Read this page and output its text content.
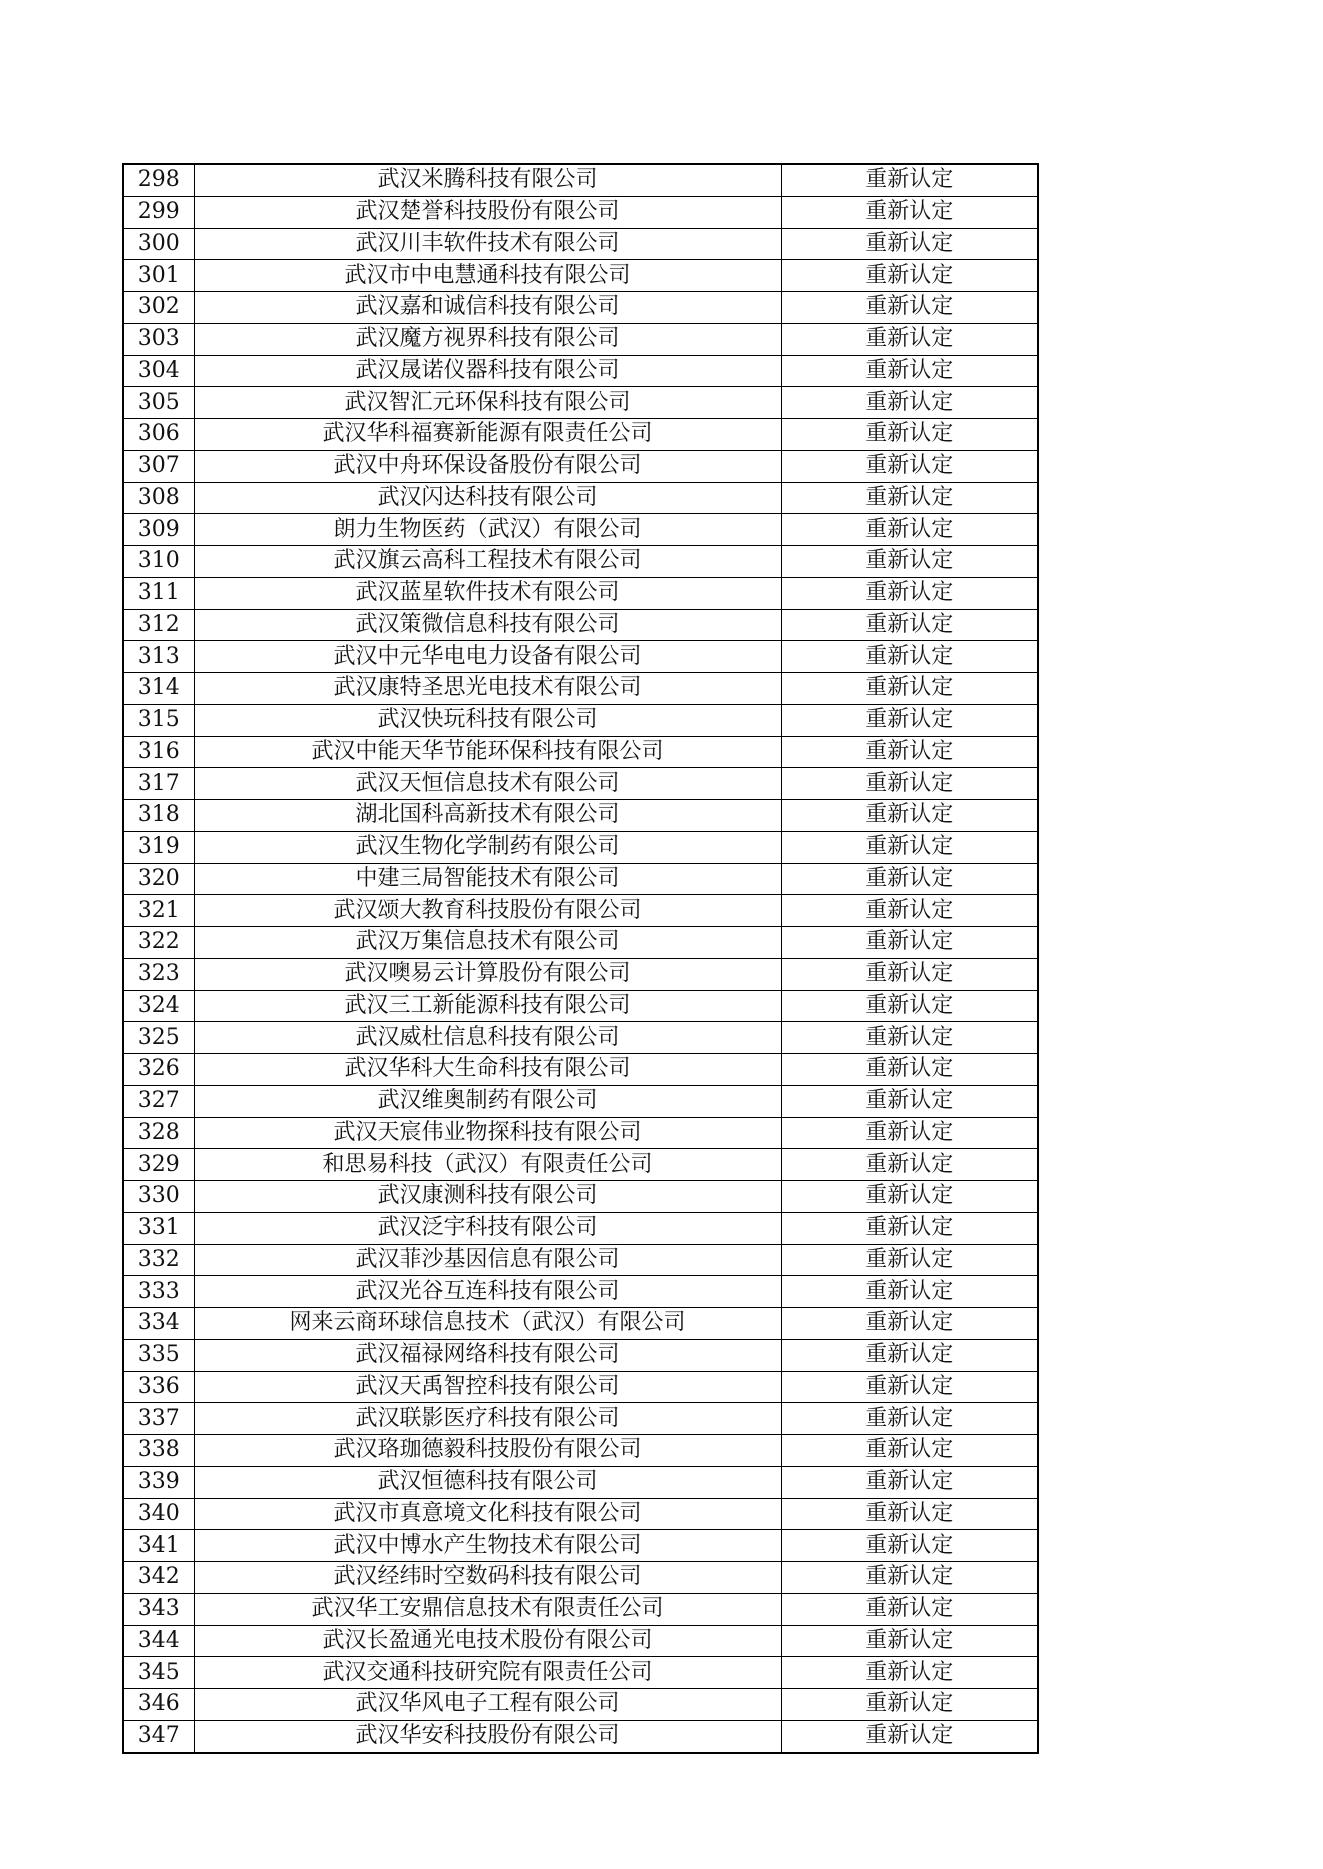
298	武汉米腾科技有限公司	重新认定
299	武汉楚誉科技股份有限公司	重新认定
300	武汉川丰软件技术有限公司	重新认定
301	武汉市中电慧通科技有限公司	重新认定
302	武汉嘉和诚信科技有限公司	重新认定
303	武汉魔方视界科技有限公司	重新认定
304	武汉晟诺仪器科技有限公司	重新认定
305	武汉智汇元环保科技有限公司	重新认定
306	武汉华科福赛新能源有限责任公司	重新认定
307	武汉中舟环保设备股份有限公司	重新认定
308	武汉闪达科技有限公司	重新认定
309	朗力生物医药（武汉）有限公司	重新认定
310	武汉旗云高科工程技术有限公司	重新认定
311	武汉蓝星软件技术有限公司	重新认定
312	武汉策微信息科技有限公司	重新认定
313	武汉中元华电电力设备有限公司	重新认定
314	武汉康特圣思光电技术有限公司	重新认定
315	武汉快玩科技有限公司	重新认定
316	武汉中能天华节能环保科技有限公司	重新认定
317	武汉天恒信息技术有限公司	重新认定
318	湖北国科高新技术有限公司	重新认定
319	武汉生物化学制药有限公司	重新认定
320	中建三局智能技术有限公司	重新认定
321	武汉颂大教育科技股份有限公司	重新认定
322	武汉万集信息技术有限公司	重新认定
323	武汉噢易云计算股份有限公司	重新认定
324	武汉三工新能源科技有限公司	重新认定
325	武汉威杜信息科技有限公司	重新认定
326	武汉华科大生命科技有限公司	重新认定
327	武汉维奥制药有限公司	重新认定
328	武汉天宸伟业物探科技有限公司	重新认定
329	和思易科技（武汉）有限责任公司	重新认定
330	武汉康测科技有限公司	重新认定
331	武汉泛宇科技有限公司	重新认定
332	武汉菲沙基因信息有限公司	重新认定
333	武汉光谷互连科技有限公司	重新认定
334	网来云商环球信息技术（武汉）有限公司	重新认定
335	武汉福禄网络科技有限公司	重新认定
336	武汉天禹智控科技有限公司	重新认定
337	武汉联影医疗科技有限公司	重新认定
338	武汉珞珈德毅科技股份有限公司	重新认定
339	武汉恒德科技有限公司	重新认定
340	武汉市真意境文化科技有限公司	重新认定
341	武汉中博水产生物技术有限公司	重新认定
342	武汉经纬时空数码科技有限公司	重新认定
343	武汉华工安鼎信息技术有限责任公司	重新认定
344	武汉长盈通光电技术股份有限公司	重新认定
345	武汉交通科技研究院有限责任公司	重新认定
346	武汉华风电子工程有限公司	重新认定
347	武汉华安科技股份有限公司	重新认定
